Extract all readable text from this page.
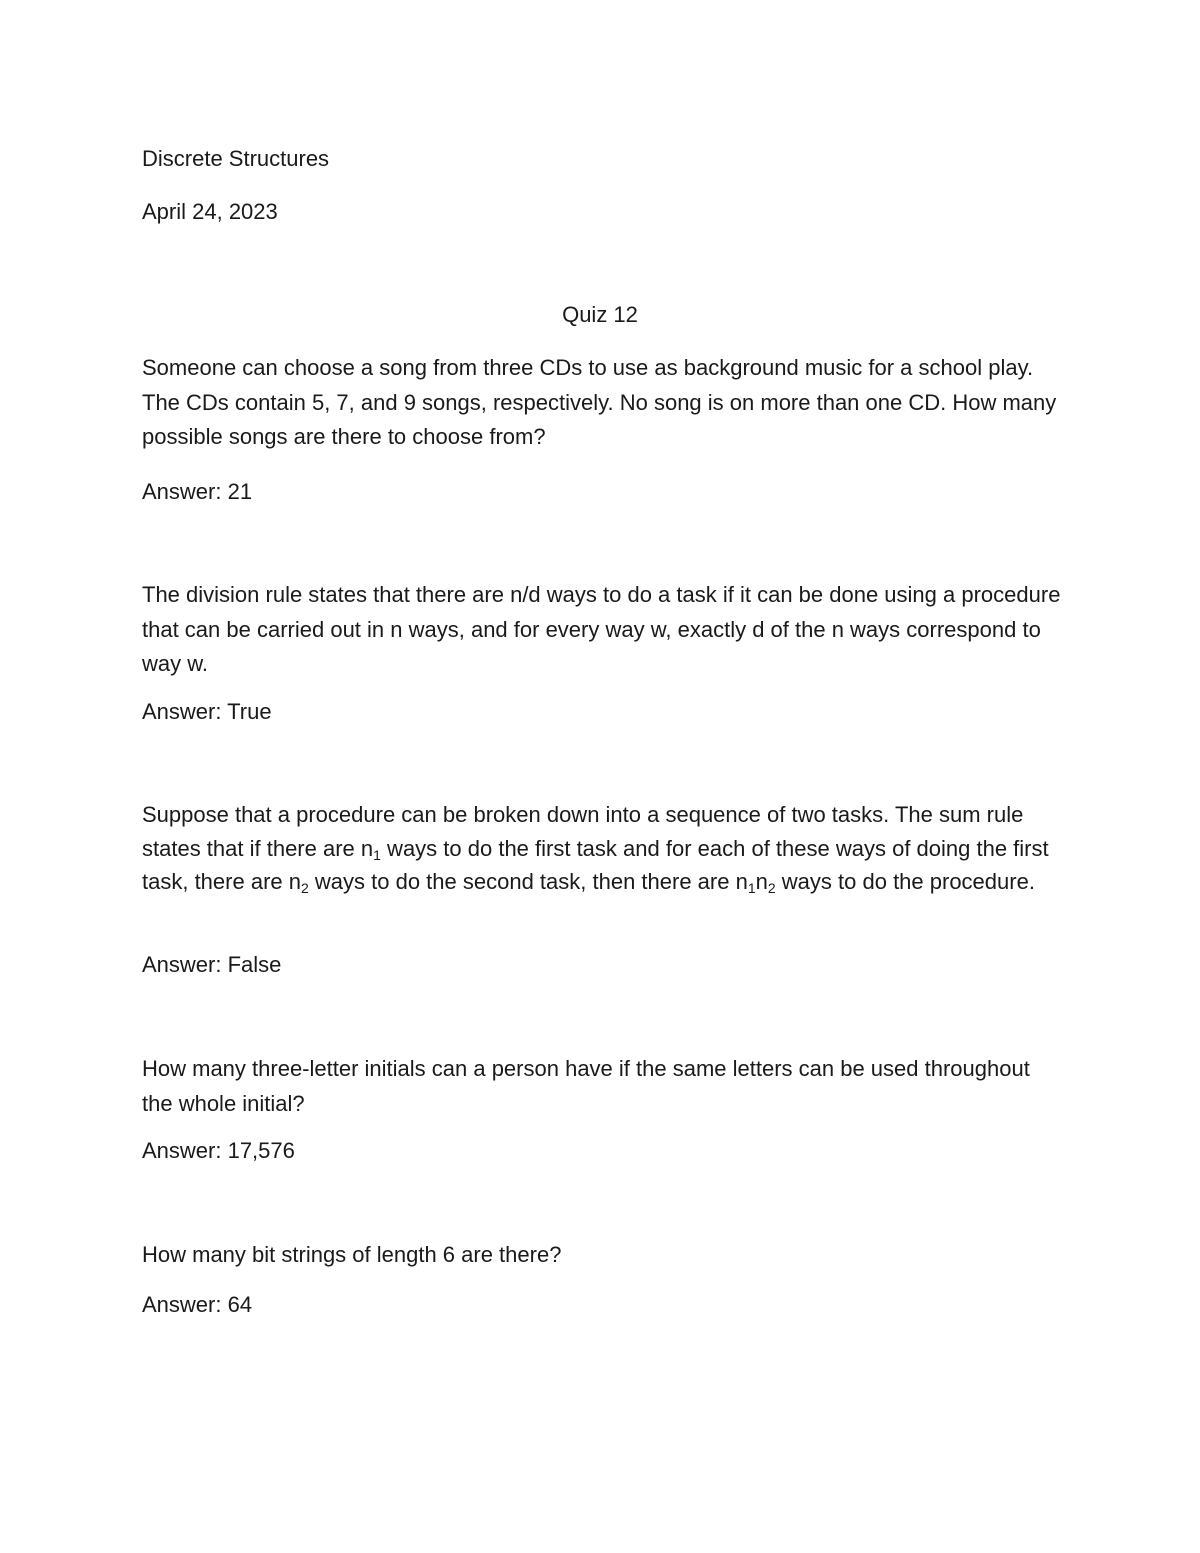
Discrete Structures

April 24, 2023

Quiz 12

Someone can choose a song from three CDs to use as background music for a school play. The CDs contain 5, 7, and 9 songs, respectively. No song is on more than one CD. How many possible songs are there to choose from?

Answer: 21

The division rule states that there are n/d ways to do a task if it can be done using a procedure that can be carried out in n ways, and for every way w, exactly d of the n ways correspond to way w.

Answer: True

Suppose that a procedure can be broken down into a sequence of two tasks. The sum rule states that if there are $n_1$ ways to do the first task and for each of these ways of doing the first task, there are $n_2$ ways to do the second task, then there are $n_1n_2$ ways to do the procedure.

Answer: False

How many three-letter initials can a person have if the same letters can be used throughout the whole initial?

Answer: 17,576

How many bit strings of length 6 are there?

Answer: 64
